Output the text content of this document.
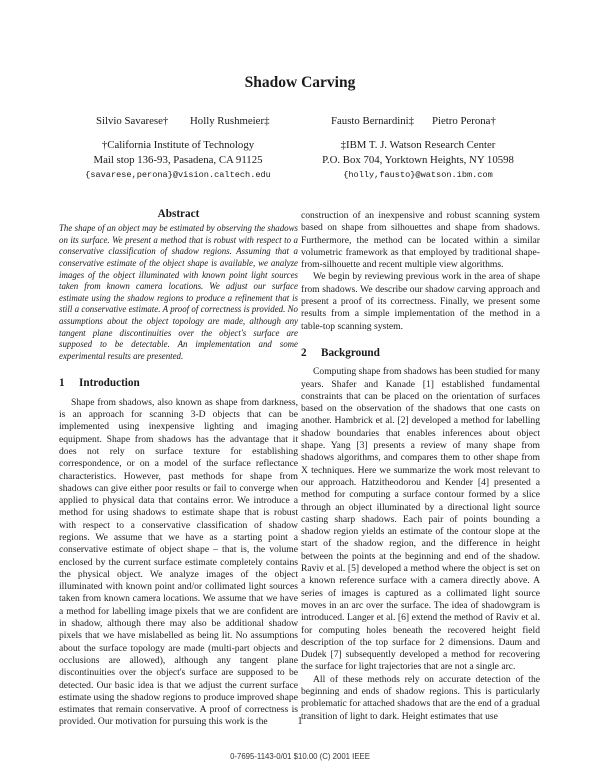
Shadow Carving
Silvio Savarese† Holly Rushmeier‡	Fausto Bernardini‡ Pietro Perona†
†California Institute of Technology
Mail stop 136-93, Pasadena, CA 91125
{savarese,perona}@vision.caltech.edu
‡IBM T. J. Watson Research Center
P.O. Box 704, Yorktown Heights, NY 10598
{holly,fausto}@watson.ibm.com
Abstract

The shape of an object may be estimated by observing the shadows on its surface. We present a method that is robust with respect to a conservative classification of shadow regions. Assuming that a conservative estimate of the object shape is available, we analyze images of the object illuminated with known point light sources taken from known camera locations. We adjust our surface estimate using the shadow regions to produce a refinement that is still a conservative estimate. A proof of correctness is provided. No assumptions about the object topology are made, although any tangent plane discontinuities over the object's surface are supposed to be detectable. An implementation and some experimental results are presented.

1 Introduction

Shape from shadows, also known as shape from darkness, is an approach for scanning 3-D objects that can be implemented using inexpensive lighting and imaging equipment. Shape from shadows has the advantage that it does not rely on surface texture for establishing correspondence, or on a model of the surface reflectance characteristics. However, past methods for shape from shadows can give either poor results or fail to converge when applied to physical data that contains error. We introduce a method for using shadows to estimate shape that is robust with respect to a conservative classification of shadow regions. We assume that we have as a starting point a conservative estimate of object shape – that is, the volume enclosed by the current surface estimate completely contains the physical object. We analyze images of the object illuminated with known point and/or collimated light sources taken from known camera locations. We assume that we have a method for labelling image pixels that we are confident are in shadow, although there may also be additional shadow pixels that we have mislabelled as being lit. No assumptions about the surface topology are made (multi-part objects and occlusions are allowed), although any tangent plane discontinuities over the object's surface are supposed to be detected. Our basic idea is that we adjust the current surface estimate using the shadow regions to produce improved shape estimates that remain conservative. A proof of correctness is provided. Our motivation for pursuing this work is the

construction of an inexpensive and robust scanning system based on shape from silhouettes and shape from shadows. Furthermore, the method can be located within a similar volumetric framework as that employed by traditional shape-from-silhouette and recent multiple view algorithms.

We begin by reviewing previous work in the area of shape from shadows. We describe our shadow carving approach and present a proof of its correctness. Finally, we present some results from a simple implementation of the method in a table-top scanning system.

2 Background

Computing shape from shadows has been studied for many years. Shafer and Kanade [1] established fundamental constraints that can be placed on the orientation of surfaces based on the observation of the shadows that one casts on another. Hambrick et al. [2] developed a method for labelling shadow boundaries that enables inferences about object shape. Yang [3] presents a review of many shape from shadows algorithms, and compares them to other shape from X techniques. Here we summarize the work most relevant to our approach. Hatzitheodorou and Kender [4] presented a method for computing a surface contour formed by a slice through an object illuminated by a directional light source casting sharp shadows. Each pair of points bounding a shadow region yields an estimate of the contour slope at the start of the shadow region, and the difference in height between the points at the beginning and end of the shadow. Raviv et al. [5] developed a method where the object is set on a known reference surface with a camera directly above. A series of images is captured as a collimated light source moves in an arc over the surface. The idea of shadowgram is introduced. Langer et al. [6] extend the method of Raviv et al. for computing holes beneath the recovered height field description of the top surface for 2 dimensions. Daum and Dudek [7] subsequently developed a method for recovering the surface for light trajectories that are not a single arc.

All of these methods rely on accurate detection of the beginning and ends of shadow regions. This is particularly problematic for attached shadows that are the end of a gradual transition of light to dark. Height estimates that use

1
0-7695-1143-0/01 $10.00 (C) 2001 IEEE
